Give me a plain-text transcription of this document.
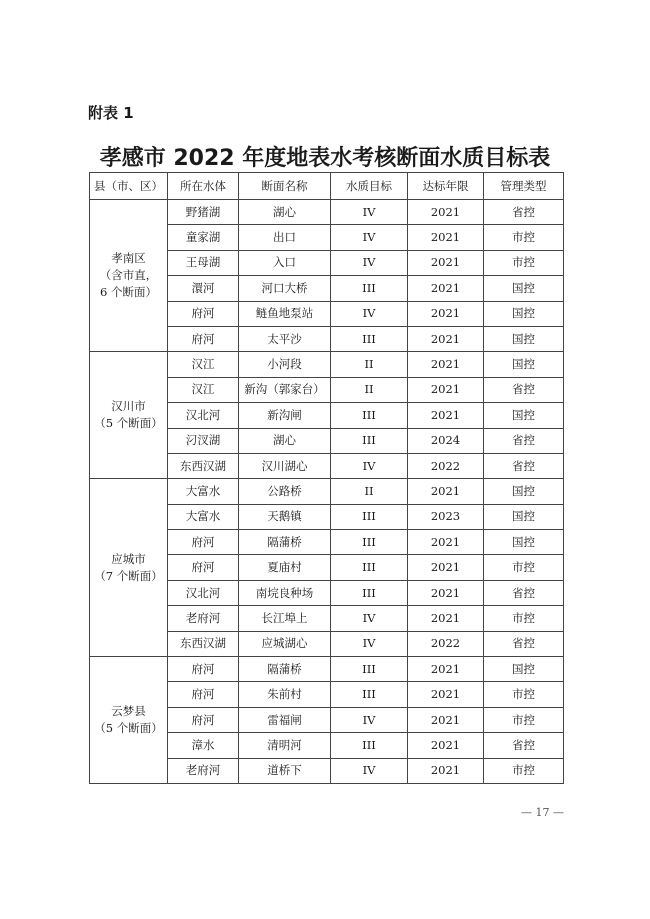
附表 1
孝感市 2022 年度地表水考核断面水质目标表
县（市、区）	所在水体	断面名称	水质目标	达标年限	管理类型

孝南区
（含市直，
6 个断面）	野猪湖	湖心	IV	2021	省控
	童家湖	出口	IV	2021	市控
	王母湖	入口	IV	2021	市控
	澴河	河口大桥	III	2021	国控
	府河	鲢鱼地泵站	IV	2021	国控
	府河	太平沙	III	2021	国控

汉川市
（5 个断面）	汉江	小河段	II	2021	国控
	汉江	新沟（郭家台）	II	2021	省控
	汉北河	新沟闸	III	2021	国控
	汈汊湖	湖心	III	2024	省控
	东西汉湖	汉川湖心	IV	2022	省控

应城市
（7 个断面）	大富水	公路桥	II	2021	国控
	大富水	天鹅镇	III	2023	国控
	府河	隔蒲桥	III	2021	国控
	府河	夏庙村	III	2021	市控
	汉北河	南垸良种场	III	2021	省控
	老府河	长江埠上	IV	2021	市控
	东西汉湖	应城湖心	IV	2022	省控

云梦县
（5 个断面）	府河	隔蒲桥	III	2021	国控
	府河	朱前村	III	2021	市控
	府河	雷福闸	IV	2021	市控
	漳水	清明河	III	2021	省控
	老府河	道桥下	IV	2021	市控
— 17 —
